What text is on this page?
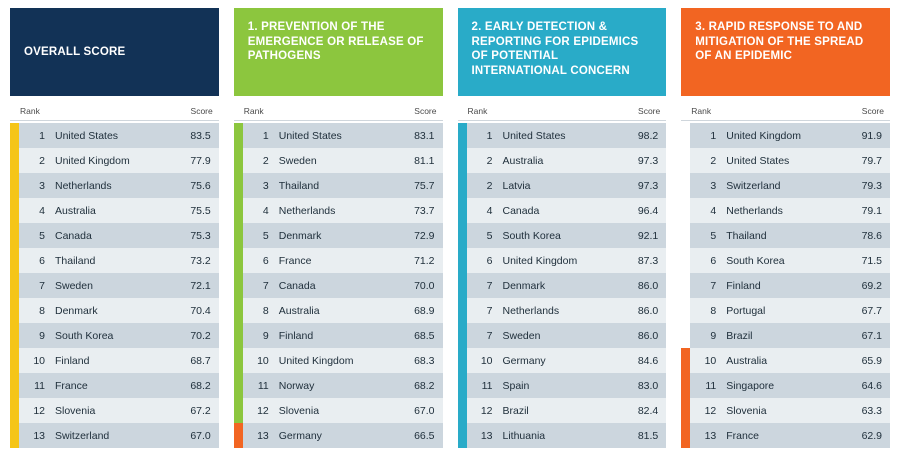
OVERALL SCORE
Rank	Score
1 United States	83.5
2 United Kingdom	77.9
3 Netherlands	75.6
4 Australia	75.5
5 Canada	75.3
6 Thailand	73.2
7 Sweden	72.1
8 Denmark	70.4
9 South Korea	70.2
10 Finland	68.7
11 France	68.2
12 Slovenia	67.2
13 Switzerland	67.0
1. PREVENTION OF THE EMERGENCE OR RELEASE OF PATHOGENS
Rank	Score
1 United States	83.1
2 Sweden	81.1
3 Thailand	75.7
4 Netherlands	73.7
5 Denmark	72.9
6 France	71.2
7 Canada	70.0
8 Australia	68.9
9 Finland	68.5
10 United Kingdom	68.3
11 Norway	68.2
12 Slovenia	67.0
13 Germany	66.5
2. EARLY DETECTION & REPORTING FOR EPIDEMICS OF POTENTIAL INTERNATIONAL CONCERN
Rank	Score
1 United States	98.2
2 Australia	97.3
2 Latvia	97.3
4 Canada	96.4
5 South Korea	92.1
6 United Kingdom	87.3
7 Denmark	86.0
7 Netherlands	86.0
7 Sweden	86.0
10 Germany	84.6
11 Spain	83.0
12 Brazil	82.4
13 Lithuania	81.5
3. RAPID RESPONSE TO AND MITIGATION OF THE SPREAD OF AN EPIDEMIC
Rank	Score
1 United Kingdom	91.9
2 United States	79.7
3 Switzerland	79.3
4 Netherlands	79.1
5 Thailand	78.6
6 South Korea	71.5
7 Finland	69.2
8 Portugal	67.7
9 Brazil	67.1
10 Australia	65.9
11 Singapore	64.6
12 Slovenia	63.3
13 France	62.9
